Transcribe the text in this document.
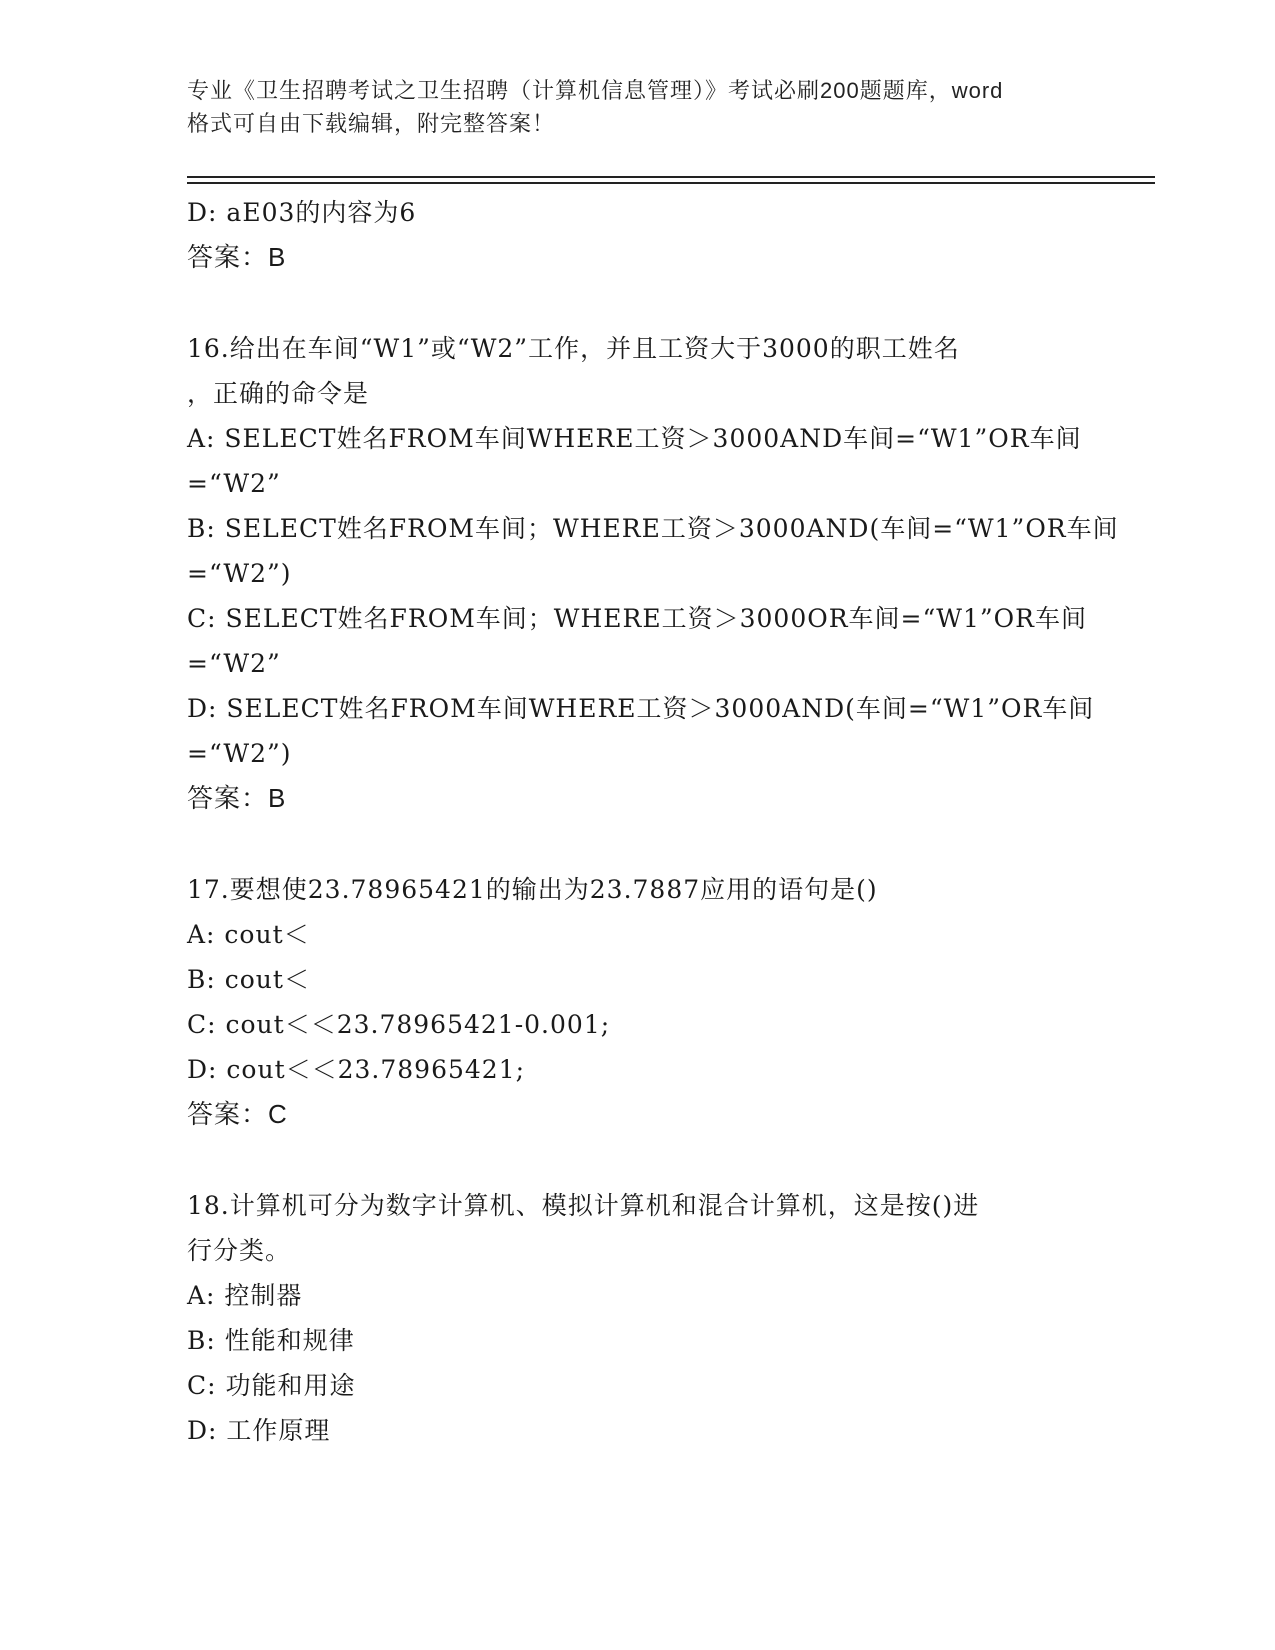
专业《卫生招聘考试之卫生招聘（计算机信息管理）》考试必刷200题题库，word
格式可自由下载编辑，附完整答案！
D: aE03的内容为6
答案：B
16.给出在车间“W1”或“W2”工作，并且工资大于3000的职工姓名
，正确的命令是
A: SELECT姓名FROM车间WHERE工资＞3000AND车间=“W1”OR车间
=“W2”
B: SELECT姓名FROM车间；WHERE工资＞3000AND(车间=“W1”OR车间
=“W2”)
C: SELECT姓名FROM车间；WHERE工资＞3000OR车间=“W1”OR车间
=“W2”
D: SELECT姓名FROM车间WHERE工资＞3000AND(车间=“W1”OR车间
=“W2”)
答案：B
17.要想使23.78965421的输出为23.7887应用的语句是()
A: cout＜
B: cout＜
C: cout＜＜23.78965421-0.001;
D: cout＜＜23.78965421;
答案：C
18.计算机可分为数字计算机、模拟计算机和混合计算机，这是按()进
行分类。
A: 控制器
B: 性能和规律
C: 功能和用途
D: 工作原理
